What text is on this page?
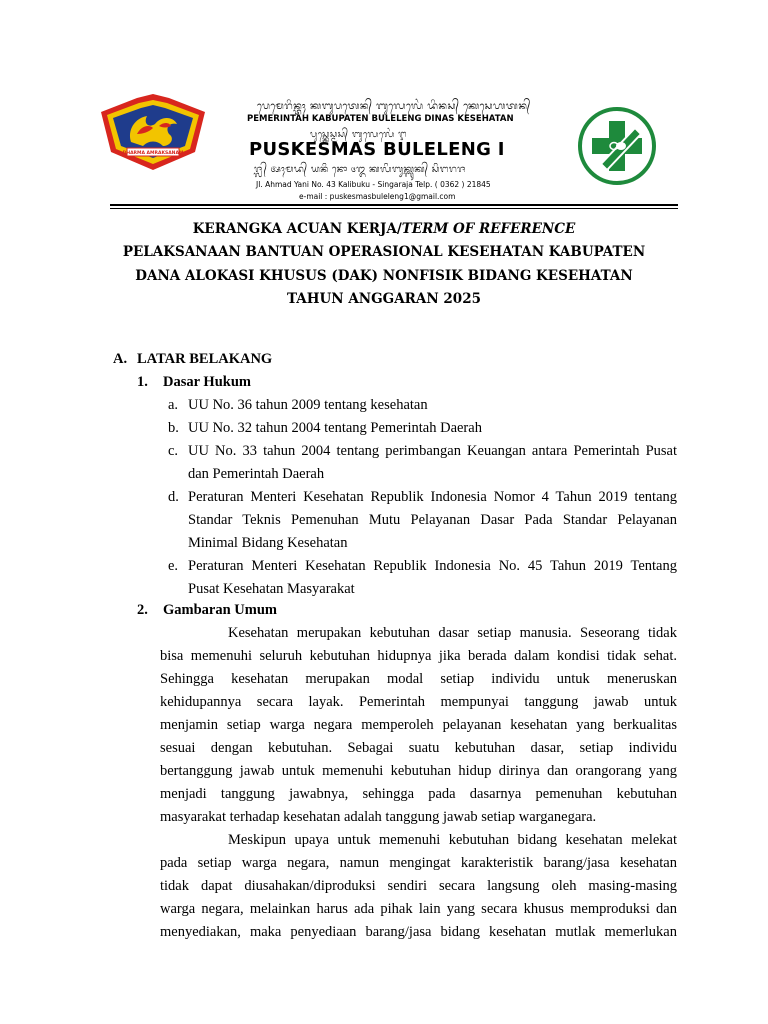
DHARMA AMRAKSANAM
ᬧᬾᬫᬾᬭᬶᬦ᭄ᬢᬄ ᬓᬩᬸᬧᬢᬾᬦ᭄ ᬩᬸᬮᬾᬮᬾᬂ ᬤᬶᬦᬲ᭄ ᬓᬾᬲᬾᬳᬢᬦ᭄
PEMERINTAH KABUPATEN BULELENG DINAS KESEHATAN
ᬧᬸᬲ᭄ᬓᬾᬲ᭄ᬫᬲ᭄ ᬩᬸᬮᬾᬮᬾᬂ ᬇ
PUSKESMAS BULELENG I
ᬚ᭄ᬮ᭄ ᬅᬄᬫᬤ᭄ ᬬᬦᬶ ᬦᭀ ᭔᭓ ᬓᬮᬶᬩᬸᬓ᭄ᬩᬸᬓ᭄ ᬲᬶᬗᬭᬚ
Jl. Ahmad Yani No. 43 Kalibuku - Singaraja Telp. ( 0362 ) 21845
e-mail : puskesmasbuleleng1@gmail.com
KERANGKA ACUAN KERJA/TERM OF REFERENCE
PELAKSANAAN BANTUAN OPERASIONAL KESEHATAN KABUPATEN
DANA ALOKASI KHUSUS (DAK) NONFISIK BIDANG KESEHATAN
TAHUN ANGGARAN 2025
A. LATAR BELAKANG
1. Dasar Hukum
a. UU No. 36 tahun 2009 tentang kesehatan
b. UU No. 32 tahun 2004 tentang Pemerintah Daerah
c. UU No. 33 tahun 2004 tentang perimbangan Keuangan antara Pemerintah Pusat
dan Pemerintah Daerah
d. Peraturan Menteri Kesehatan Republik Indonesia Nomor 4 Tahun 2019 tentang
Standar Teknis Pemenuhan Mutu Pelayanan Dasar Pada Standar Pelayanan
Minimal Bidang Kesehatan
e. Peraturan Menteri Kesehatan Republik Indonesia No. 45 Tahun 2019 Tentang
Pusat Kesehatan Masyarakat
2. Gambaran Umum
Kesehatan merupakan kebutuhan dasar setiap manusia. Seseorang tidak
bisa memenuhi seluruh kebutuhan hidupnya jika berada dalam kondisi tidak sehat.
Sehingga kesehatan merupakan modal setiap individu untuk meneruskan
kehidupannya secara layak. Pemerintah mempunyai tanggung jawab untuk
menjamin setiap warga negara memperoleh pelayanan kesehatan yang berkualitas
sesuai dengan kebutuhan. Sebagai suatu kebutuhan dasar, setiap individu
bertanggung jawab untuk memenuhi kebutuhan hidup dirinya dan orangorang yang
menjadi tanggung jawabnya, sehingga pada dasarnya pemenuhan kebutuhan
masyarakat terhadap kesehatan adalah tanggung jawab setiap warganegara.
Meskipun upaya untuk memenuhi kebutuhan bidang kesehatan melekat
pada setiap warga negara, namun mengingat karakteristik barang/jasa kesehatan
tidak dapat diusahakan/diproduksi sendiri secara langsung oleh masing-masing
warga negara, melainkan harus ada pihak lain yang secara khusus memproduksi dan
menyediakan, maka penyediaan barang/jasa bidang kesehatan mutlak memerlukan
